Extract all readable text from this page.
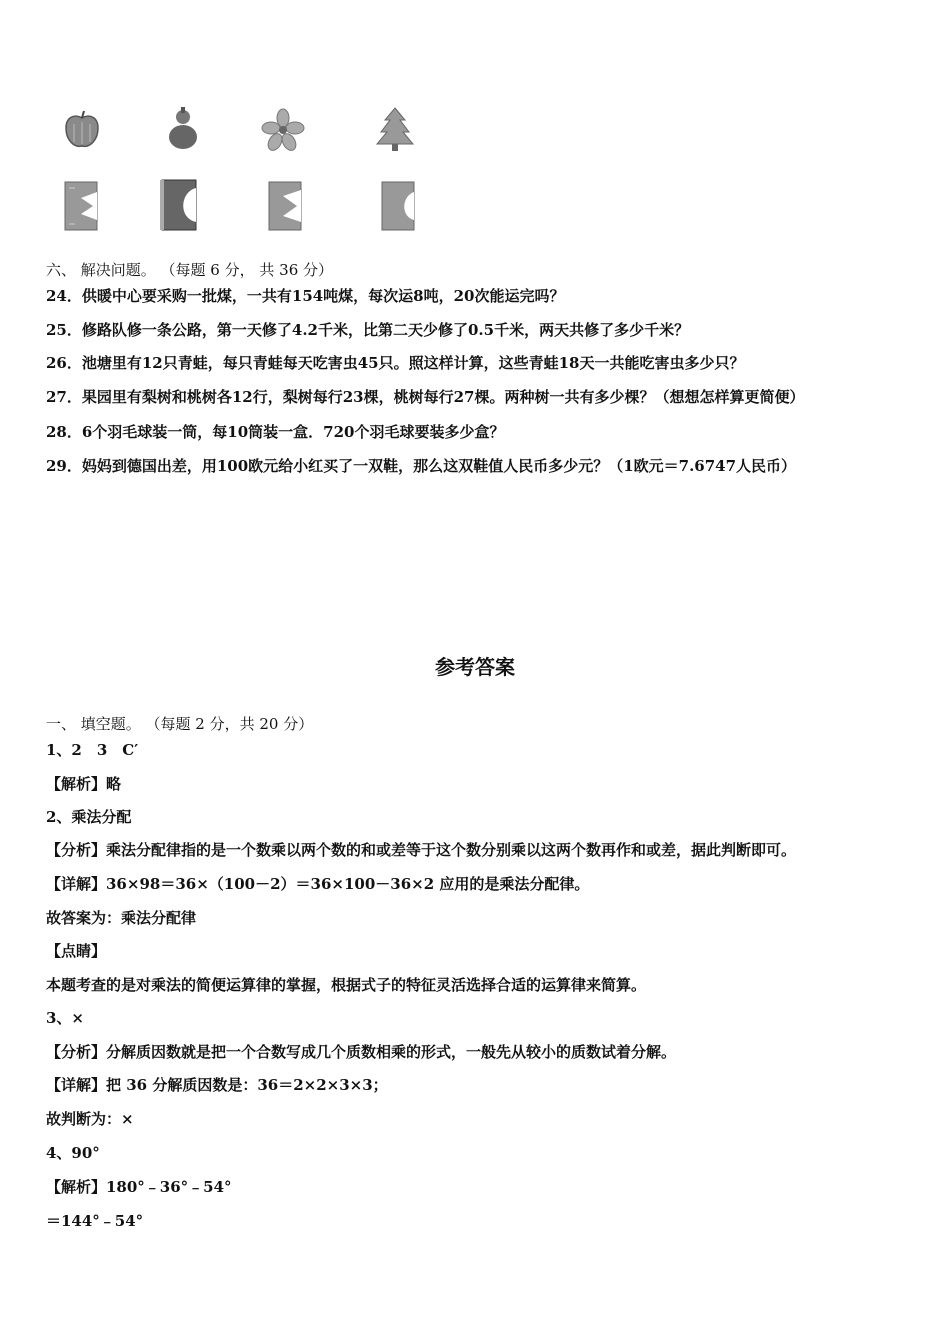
六、 解决问题。 （每题 6 分， 共 36 分）
24．供暖中心要采购一批煤，一共有154吨煤，每次运8吨，20次能运完吗？
25．修路队修一条公路，第一天修了4.2千米，比第二天少修了0.5千米，两天共修了多少千米？
26．池塘里有12只青蛙，每只青蛙每天吃害虫45只。照这样计算，这些青蛙18天一共能吃害虫多少只？
27．果园里有梨树和桃树各12行，梨树每行23棵，桃树每行27棵。两种树一共有多少棵？（想想怎样算更简便）
28．6个羽毛球装一筒，每10筒装一盒．720个羽毛球要装多少盒？
29．妈妈到德国出差，用100欧元给小红买了一双鞋，那么这双鞋值人民币多少元？（1欧元＝7.6747人民币）
参考答案
一、 填空题。 （每题 2 分，共 20 分）
1、2　3　C′
【解析】略
2、乘法分配
【分析】乘法分配律指的是一个数乘以两个数的和或差等于这个数分别乘以这两个数再作和或差，据此判断即可。
【详解】36×98＝36×（100－2）＝36×100－36×2 应用的是乘法分配律。
故答案为：乘法分配律
【点睛】
本题考查的是对乘法的简便运算律的掌握，根据式子的特征灵活选择合适的运算律来简算。
3、×
【分析】分解质因数就是把一个合数写成几个质数相乘的形式，一般先从较小的质数试着分解。
【详解】把 36 分解质因数是：36＝2×2×3×3；
故判断为：×
4、90°
【解析】180°﹣36°﹣54°
＝144°﹣54°
